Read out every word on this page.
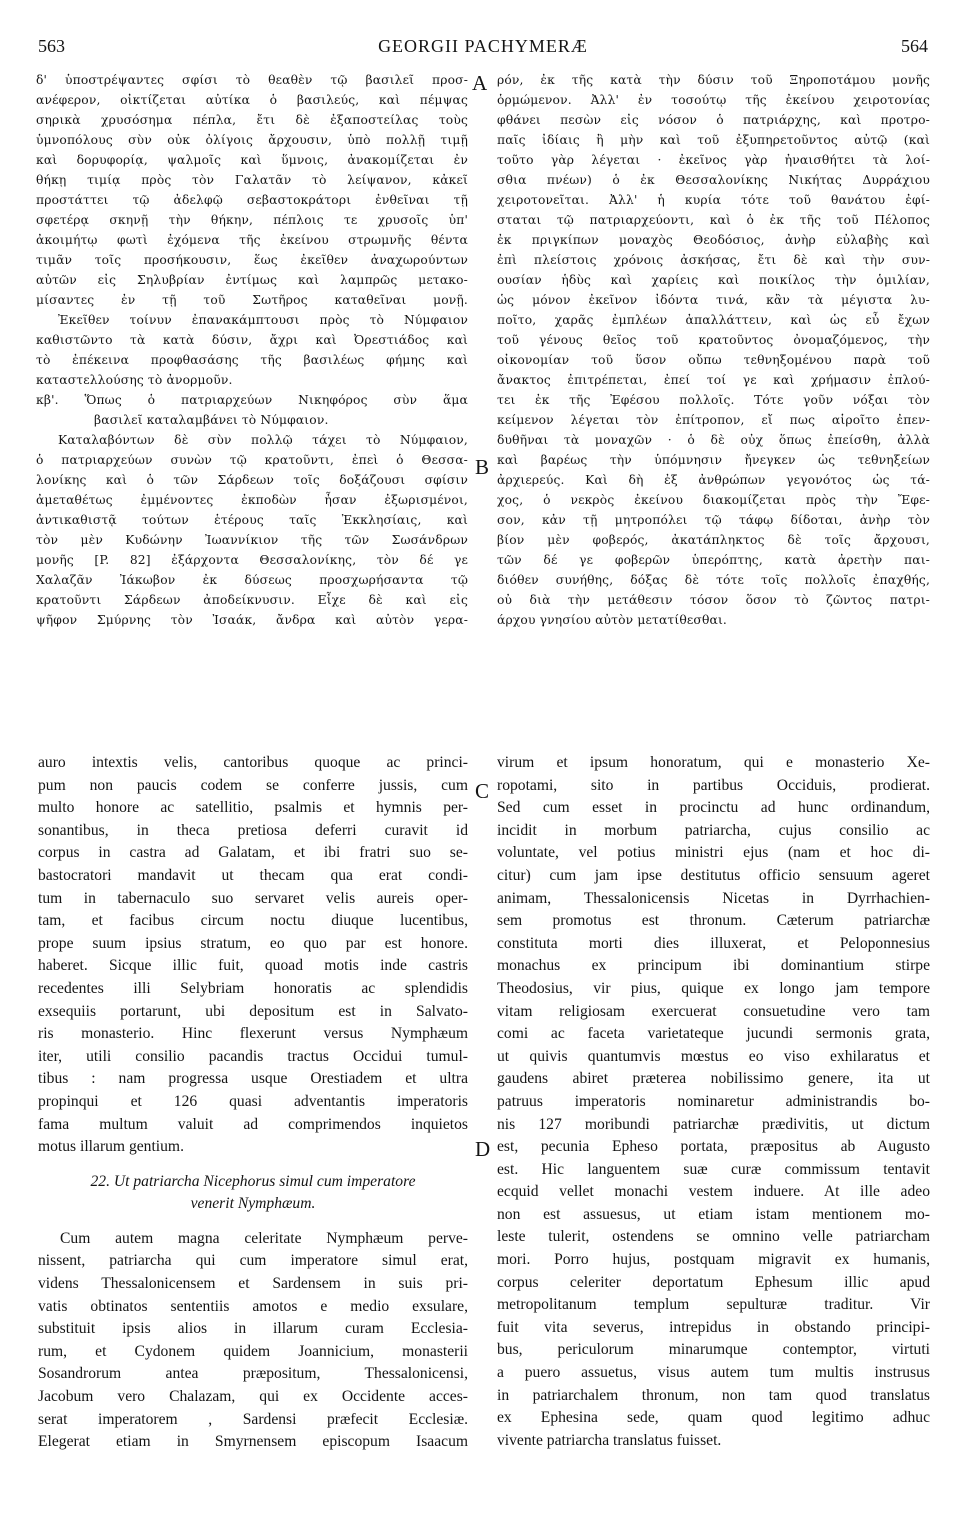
563	GEORGII PACHYMERÆ	564
A
B
C
D

δ' ὑποστρέψαντες σφίσι τὸ θεαθὲν τῷ βασιλεῖ προσ-

ανέφερον, οἰκτίζεται αὐτίκα ὁ βασιλεύς, καὶ πέμψας

σηρικὰ χρυσόσημα πέπλα, ἔτι δὲ ἐξαποστείλας τοὺς

ὑμνοπόλους σὺν οὐκ ὀλίγοις ἄρχουσιν, ὑπὸ πολλῇ τιμῇ

καὶ δορυφορίᾳ, ψαλμοῖς καὶ ὕμνοις, ἀνακομίζεται ἐν

θήκῃ τιμίᾳ πρὸς τὸν Γαλατᾶν τὸ λείψανον, κἀκεῖ

προστάττει τῷ ἀδελφῷ σεβαστοκράτορι ἐνθεῖναι τῇ

σφετέρᾳ σκηνῇ τὴν θήκην, πέπλοις τε χρυσοῖς ὑπ'

ἀκοιμήτῳ φωτὶ ἐχόμενα τῆς ἐκείνου στρωμνῆς θέντα

τιμᾶν τοῖς προσήκουσιν, ἕως ἐκεῖθεν ἀναχωρούντων

αὐτῶν εἰς Σηλυβρίαν ἐντίμως καὶ λαμπρῶς μετακο-

μίσαντες ἐν τῇ τοῦ Σωτῆρος καταθεῖναι μονῇ.

Ἐκεῖθεν τοίνυν ἐπανακάμπτουσι πρὸς τὸ Νύμφαιον

καθιστῶντο τὰ κατὰ δύσιν, ἄχρι καὶ Ὀρεστιάδος καὶ

τὸ ἐπέκεινα προφθασάσης τῆς βασιλέως φήμης καὶ

καταστελλούσης τὸ ἀνορμοῦν.

κβ'. Ὅπως ὁ πατριαρχεύων Νικηφόρος σὺν ἅμα

βασιλεῖ καταλαμβάνει τὸ Νύμφαιον.

Καταλαβόντων δὲ σὺν πολλῷ τάχει τὸ Νύμφαιον,

ὁ πατριαρχεύων συνὼν τῷ κρατοῦντι, ἐπεὶ ὁ Θεσσα-

λονίκης καὶ ὁ τῶν Σάρδεων τοῖς δοξάζουσι σφίσιν

ἀμεταθέτως ἐμμένοντες ἐκποδὼν ἦσαν ἐξωρισμένοι,

ἀντικαθιστᾷ τούτων ἑτέρους ταῖς Ἐκκλησίαις, καὶ

τὸν μὲν Κυδώνην Ἰωαννίκιον τῆς τῶν Σωσάνδρων

μονῆς [P. 82] ἐξάρχοντα Θεσσαλονίκης, τὸν δέ γε

Χαλαζᾶν Ἰάκωβον ἐκ δύσεως προσχωρήσαντα τῷ

κρατοῦντι Σάρδεων ἀποδείκνυσιν. Εἶχε δὲ καὶ εἰς

ψῆφον Σμύρνης τὸν Ἰσαάκ, ἄνδρα καὶ αὐτὸν γερα-

ρόν, ἐκ τῆς κατὰ τὴν δύσιν τοῦ Ξηροποτάμου μονῆς

ὁρμώμενον. Ἀλλ' ἐν τοσούτῳ τῆς ἐκείνου χειροτονίας

φθάνει πεσὼν εἰς νόσον ὁ πατριάρχης, καὶ προτρο-

παῖς ἰδίαις ἢ μὴν καὶ τοῦ ἐξυπηρετοῦντος αὐτῷ (καὶ

τοῦτο γὰρ λέγεται · ἐκεῖνος γὰρ ἠναισθήτει τὰ λοί-

σθια πνέων) ὁ ἐκ Θεσσαλονίκης Νικήτας Δυρράχιου

χειροτονεῖται. Ἀλλ' ἡ κυρία τότε τοῦ θανάτου ἐφί-

σταται τῷ πατριαρχεύοντι, καὶ ὁ ἐκ τῆς τοῦ Πέλοπος

ἐκ πριγκίπων μοναχὸς Θεοδόσιος, ἀνὴρ εὐλαβὴς καὶ

ἐπὶ πλείστοις χρόνοις ἀσκήσας, ἔτι δὲ καὶ τὴν συν-

ουσίαν ἡδὺς καὶ χαρίεις καὶ ποικίλος τὴν ὁμιλίαν,

ὡς μόνον ἐκεῖνον ἰδόντα τινά, κἂν τὰ μέγιστα λυ-

ποῖτο, χαρᾶς ἐμπλέων ἀπαλλάττειν, καὶ ὡς εὖ ἔχων

τοῦ γένους θεῖος τοῦ κρατοῦντος ὀνομαζόμενος, τὴν

οἰκονομίαν τοῦ ὕσον οὔπω τεθνηξομένου παρὰ τοῦ

ἄνακτος ἐπιτρέπεται, ἐπεί τοί γε καὶ χρήμασιν ἐπλού-

τει ἐκ τῆς Ἐφέσου πολλοῖς. Τότε γοῦν νόξαι τὸν

κείμενον λέγεται τὸν ἐπίτροπον, εἴ πως αἱροῖτο ἐπεν-

δυθῆναι τὰ μοναχῶν · ὁ δὲ οὐχ ὅπως ἐπείσθη, ἀλλὰ

καὶ βαρέως τὴν ὑπόμνησιν ἤνεγκεν ὡς τεθνηξείων

ἀρχιερεύς. Καὶ δὴ ἐξ ἀνθρώπων γεγονότος ὡς τά-

χος, ὁ νεκρὸς ἐκείνου διακομίζεται πρὸς τὴν Ἔφε-

σον, κἀν τῇ μητροπόλει τῷ τάφῳ δίδοται, ἀνὴρ τὸν

βίον μὲν φοβερός, ἀκατάπληκτος δὲ τοῖς ἄρχουσι,

τῶν δέ γε φοβερῶν ὑπερόπτης, κατὰ ἀρετὴν παι-

διόθεν συνήθης, δόξας δὲ τότε τοῖς πολλοῖς ἐπαχθής,

οὐ διὰ τὴν μετάθεσιν τόσον ὅσον τὸ ζῶντος πατρι-

άρχου γνησίου αὐτὸν μετατίθεσθαι.

auro intextis velis, cantoribus quoque ac princi-

pum non paucis codem se conferre jussis, cum

multo honore ac satellitio, psalmis et hymnis per-

sonantibus, in theca pretiosa deferri curavit id

corpus in castra ad Galatam, et ibi fratri suo se-

bastocratori mandavit ut thecam qua erat condi-

tum in tabernaculo suo servaret velis aureis oper-

tam, et facibus circum noctu diuque lucentibus,

prope suum ipsius stratum, eo quo par est honore.

haberet. Sicque illic fuit, quoad motis inde castris

recedentes illi Selybriam honoratis ac splendidis

exsequiis portarunt, ubi depositum est in Salvato-

ris monasterio. Hinc flexerunt versus Nymphæum

iter, utili consilio pacandis tractus Occidui tumul-

tibus : nam progressa usque Orestiadem et ultra

propinqui et 126 quasi adventantis imperatoris

fama multum valuit ad comprimendos inquietos

motus illarum gentium.

22. Ut patriarcha Nicephorus simul cum imperatore

venerit Nymphæum.

Cum autem magna celeritate Nymphæum perve-

nissent, patriarcha qui cum imperatore simul erat,

videns Thessalonicensem et Sardensem in suis pri-

vatis obtinatos sententiis amotos e medio exsulare,

substituit ipsis alios in illarum curam Ecclesia-

rum, et Cydonem quidem Joannicium, monasterii

Sosandrorum antea præpositum, Thessalonicensi,

Jacobum vero Chalazam, qui ex Occidente acces-

serat imperatorem , Sardensi præfecit Ecclesiæ.

Elegerat etiam in Smyrnensem episcopum Isaacum

virum et ipsum honoratum, qui e monasterio Xe-

ropotami, sito in partibus Occiduis, prodierat.

Sed cum esset in procinctu ad hunc ordinandum,

incidit in morbum patriarcha, cujus consilio ac

voluntate, vel potius ministri ejus (nam et hoc di-

citur) cum jam ipse destitutus officio sensuum ageret

animam, Thessalonicensis Nicetas in Dyrrhachien-

sem promotus est thronum. Cæterum patriarchæ

constituta morti dies illuxerat, et Peloponnesius

monachus ex principum ibi dominantium stirpe

Theodosius, vir pius, quique ex longo jam tempore

vitam religiosam exercuerat consuetudine vero tam

comi ac faceta varietateque jucundi sermonis grata,

ut quivis quantumvis mœstus eo viso exhilaratus et

gaudens abiret præterea nobilissimo genere, ita ut

patruus imperatoris nominaretur administrandis bo-

nis 127 moribundi patriarchæ prædivitis, ut dictum

est, pecunia Epheso portata, præpositus ab Augusto

est. Hic languentem suæ curæ commissum tentavit

ecquid vellet monachi vestem induere. At ille adeo

non est assuesus, ut etiam istam mentionem mo-

leste tulerit, ostendens se omnino velle patriarcham

mori. Porro hujus, postquam migravit ex humanis,

corpus celeriter deportatum Ephesum illic apud

metropolitanum templum sepulturæ traditur. Vir

fuit vita severus, intrepidus in obstando principi-

bus, periculorum minarumque contemptor, virtuti

a puero assuetus, visus autem tum multis instrusus

in patriarchalem thronum, non tam quod translatus

ex Ephesina sede, quam quod legitimo adhuc

vivente patriarcha translatus fuisset.
